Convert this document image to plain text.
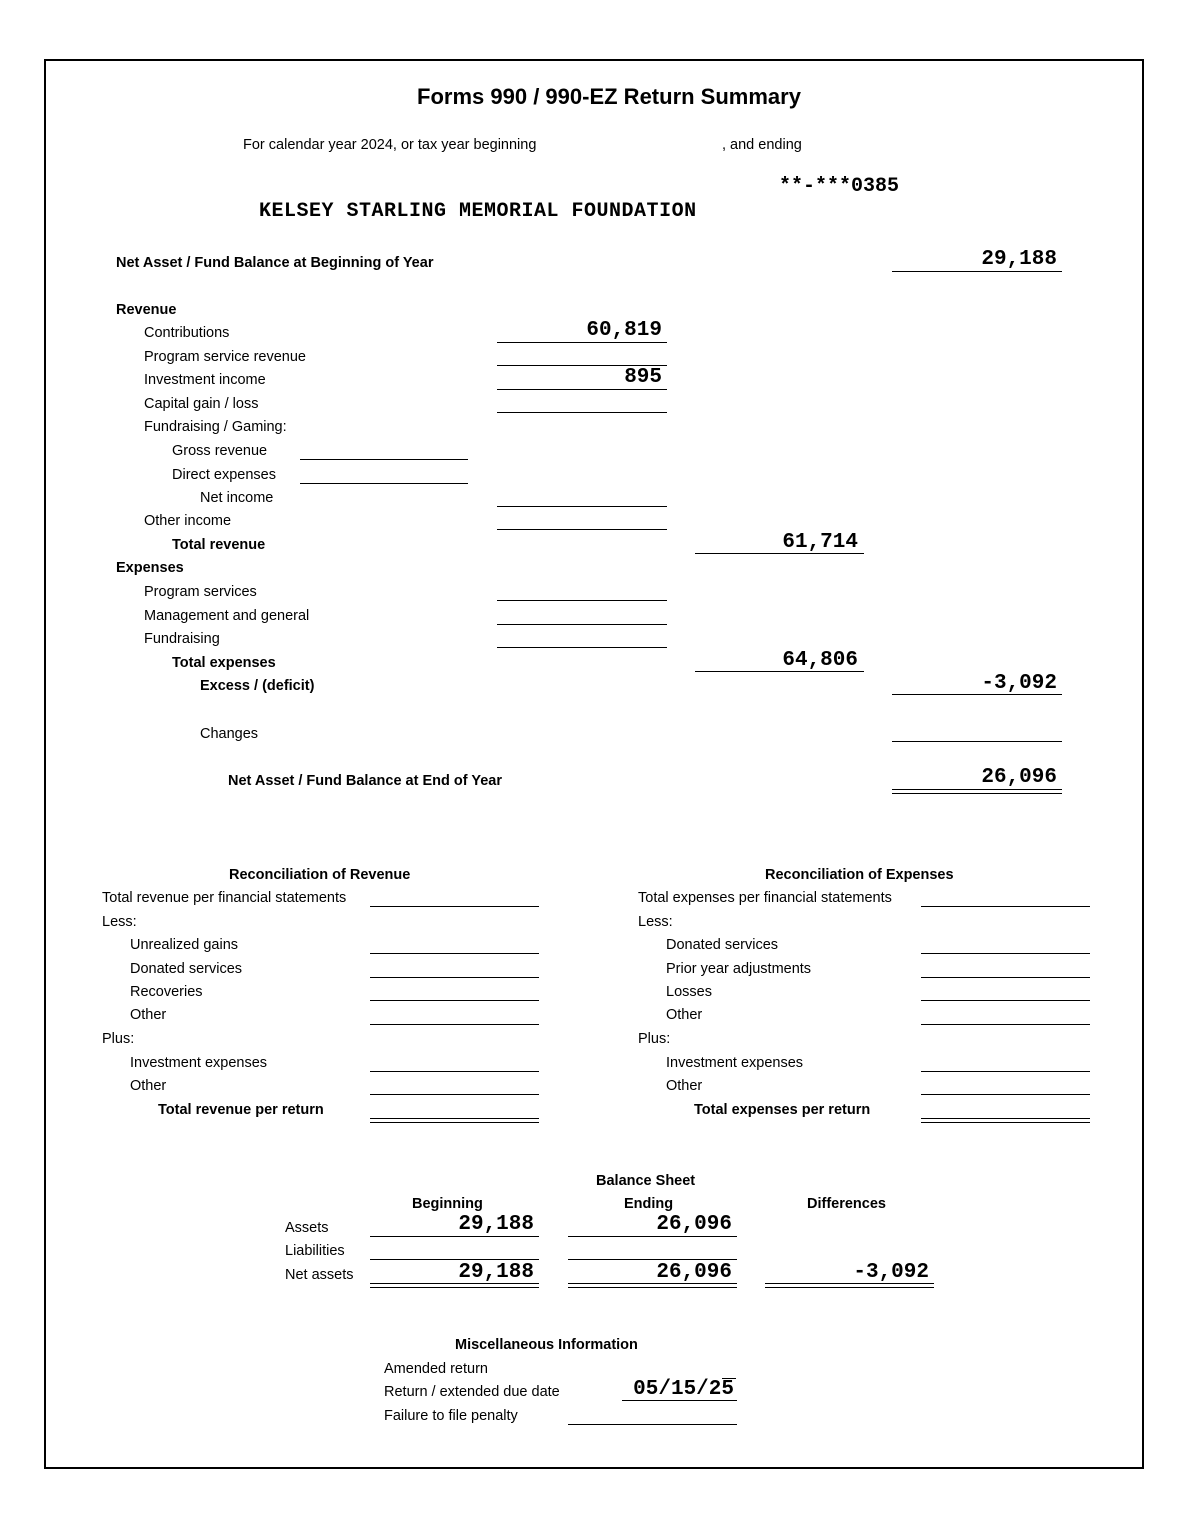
Forms 990 / 990-EZ Return Summary
For calendar year 2024, or tax year beginning	, and ending
**-***0385
KELSEY STARLING MEMORIAL FOUNDATION
Net Asset / Fund Balance at Beginning of Year	29,188
Revenue
Contributions	60,819
Program service revenue
Investment income	895
Capital gain / loss
Fundraising / Gaming:
Gross revenue
Direct expenses
Net income
Other income
Total revenue	61,714
Expenses
Program services
Management and general
Fundraising
Total expenses	64,806
Excess / (deficit)	-3,092
Changes
Net Asset / Fund Balance at End of Year	26,096
Reconciliation of Revenue
Total revenue per financial statements
Less:
Unrealized gains
Donated services
Recoveries
Other
Plus:
Investment expenses
Other
Total revenue per return
Reconciliation of Expenses
Total expenses per financial statements
Less:
Donated services
Prior year adjustments
Losses
Other
Plus:
Investment expenses
Other
Total expenses per return
Balance Sheet
Beginning	Ending	Differences
Assets	29,188	26,096
Liabilities
Net assets	29,188	26,096	-3,092
Miscellaneous Information
Amended return
Return / extended due date	05/15/25
Failure to file penalty
